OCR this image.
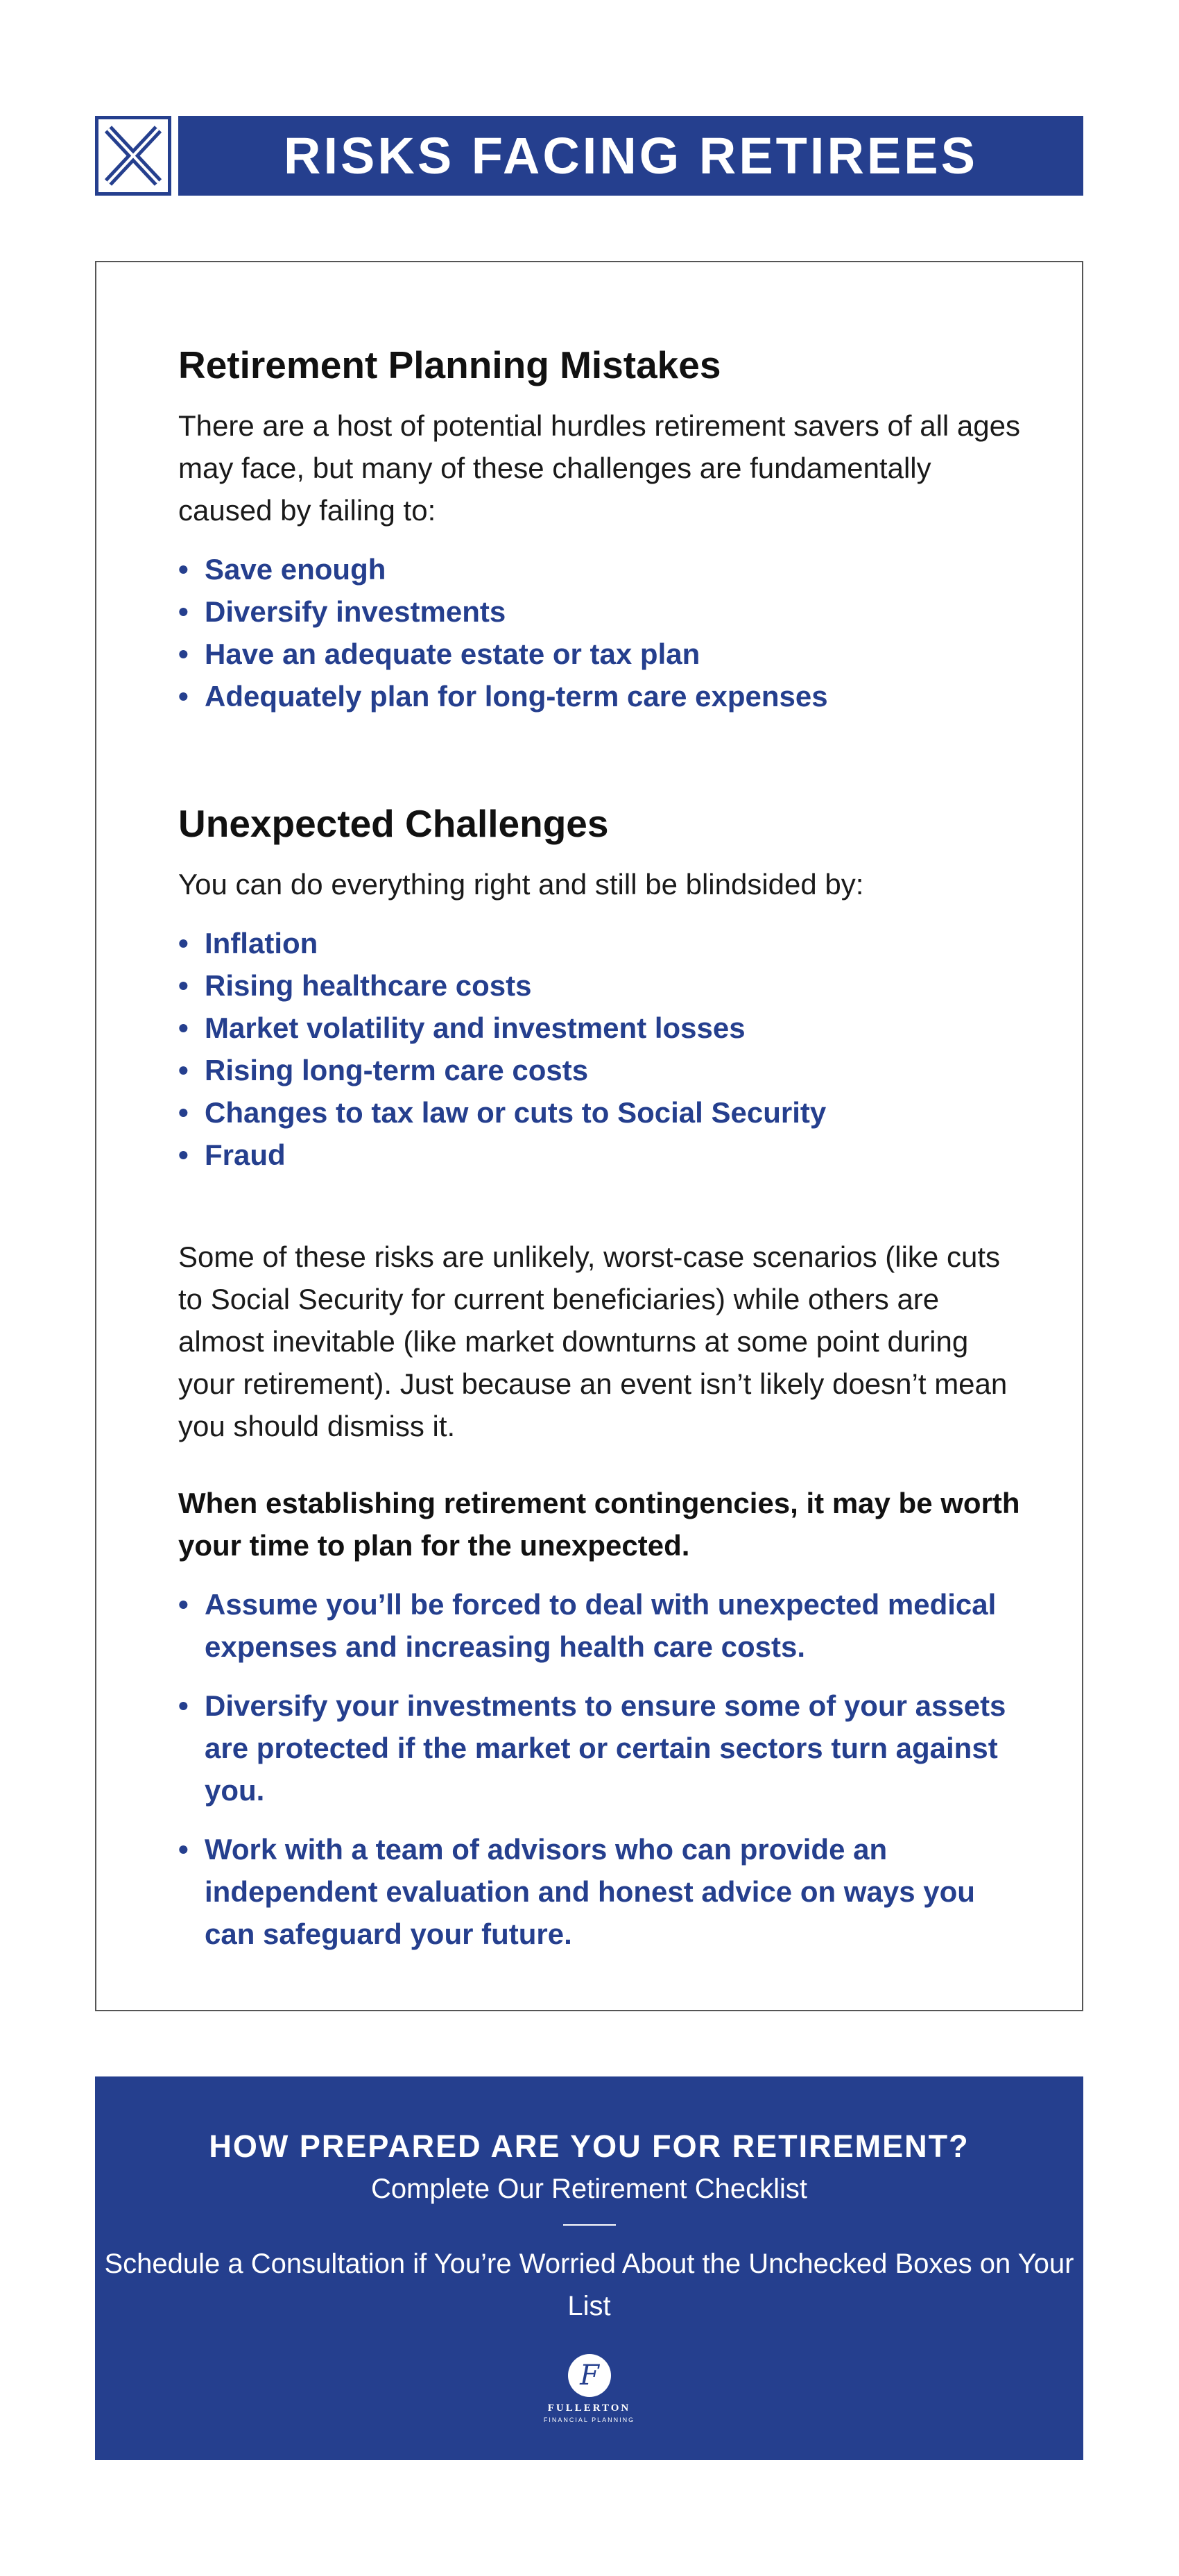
RISKS FACING RETIREES
Retirement Planning Mistakes

There are a host of potential hurdles retirement savers of all ages may face, but many of these challenges are fundamentally caused by failing to:

• Save enough
• Diversify investments
• Have an adequate estate or tax plan
• Adequately plan for long-term care expenses
Unexpected Challenges

You can do everything right and still be blindsided by:

• Inflation
• Rising healthcare costs
• Market volatility and investment losses
• Rising long-term care costs
• Changes to tax law or cuts to Social Security
• Fraud

Some of these risks are unlikely, worst-case scenarios (like cuts to Social Security for current beneficiaries) while others are almost inevitable (like market downturns at some point during your retirement). Just because an event isn’t likely doesn’t mean you should dismiss it.

When establishing retirement contingencies, it may be worth your time to plan for the unexpected.

• Assume you’ll be forced to deal with unexpected medical expenses and increasing health care costs.
• Diversify your investments to ensure some of your assets are protected if the market or certain sectors turn against you.
• Work with a team of advisors who can provide an independent evaluation and honest advice on ways you can safeguard your future.
HOW PREPARED ARE YOU FOR RETIREMENT?
Complete Our Retirement Checklist
Schedule a Consultation if You’re Worried About the Unchecked Boxes on Your List
F
FULLERTON
FINANCIAL PLANNING
